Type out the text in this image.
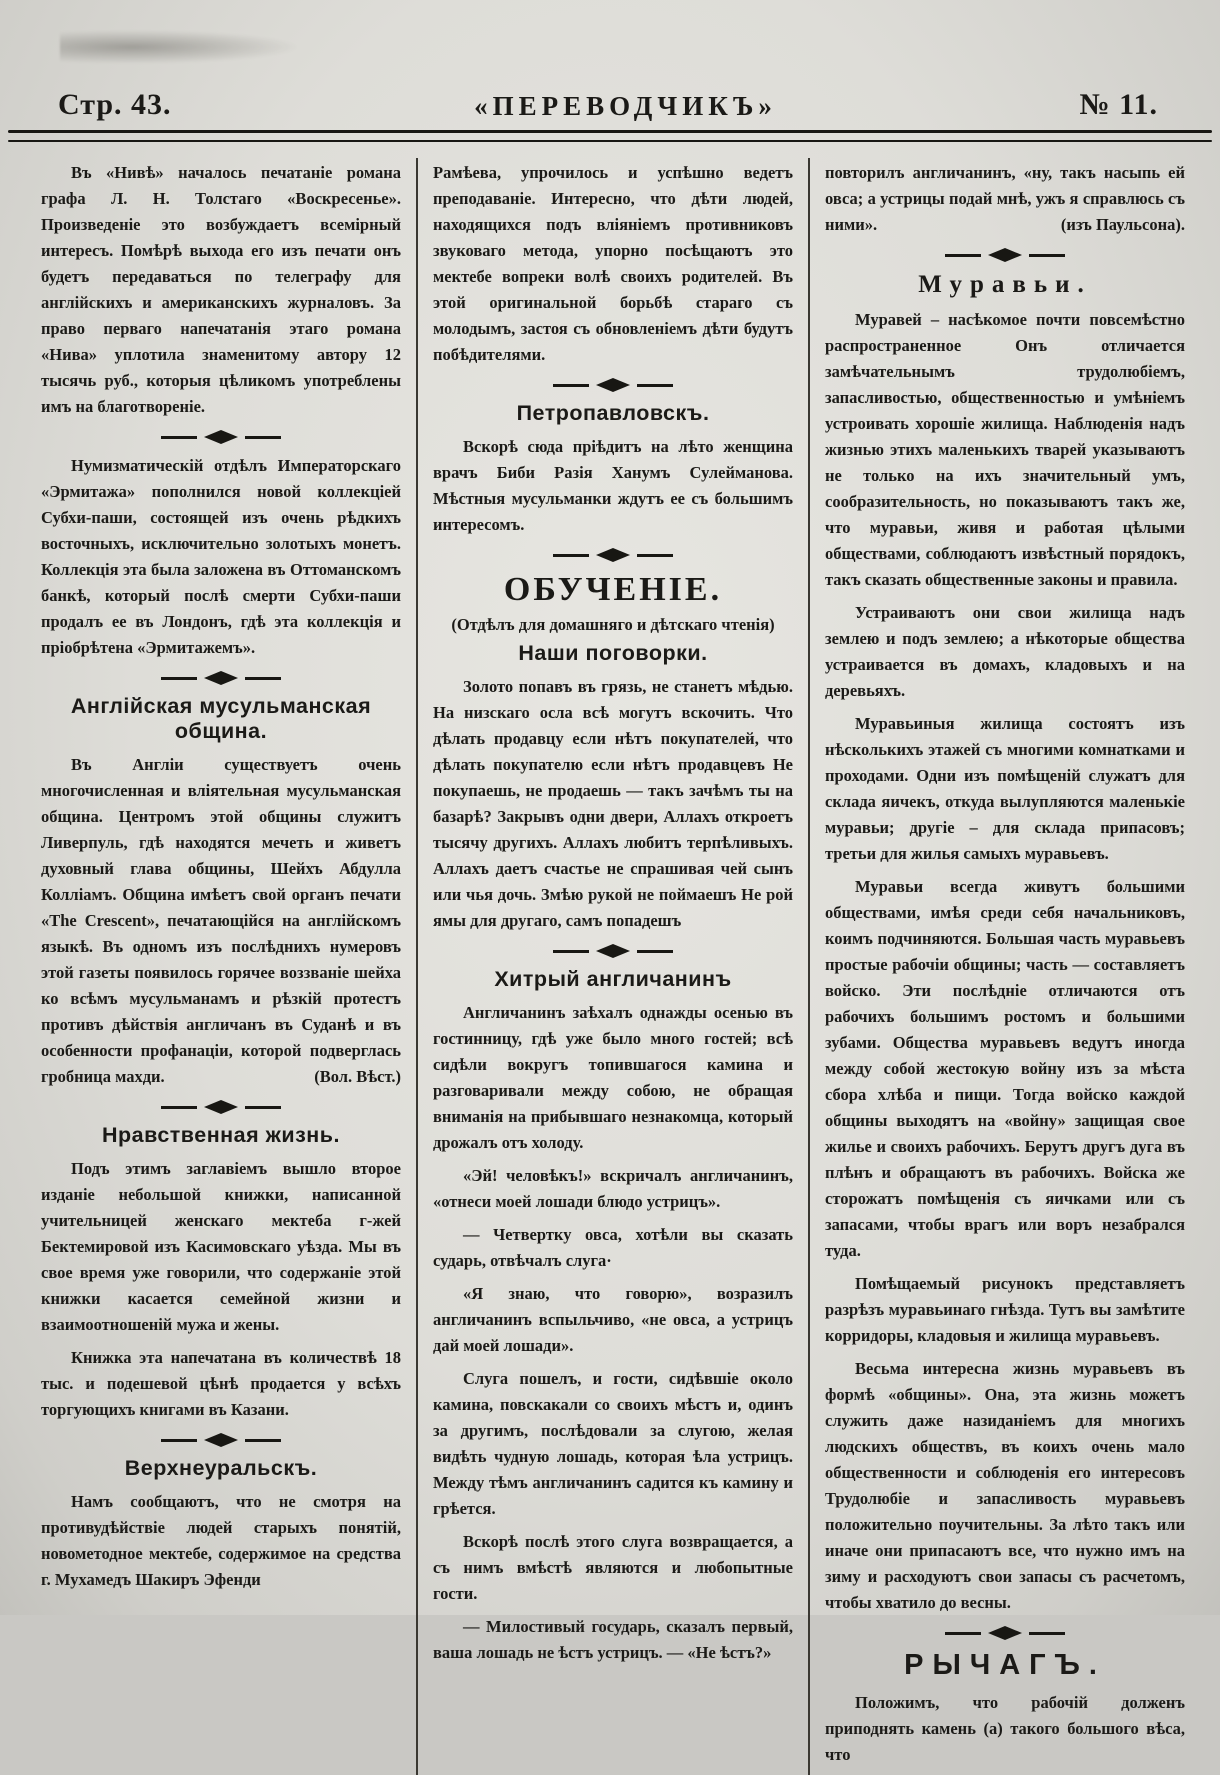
Стр. 43.	«ПЕРЕВОДЧИКЪ»	№ 11.

Въ «Нивѣ» началось печатаніе романа графа Л. Н. Толстаго «Воскресенье». Произведеніе это возбуждаетъ всемірный интересъ. Помѣрѣ выхода его изъ печати онъ будетъ передаваться по телеграфу для англійскихъ и американскихъ журналовъ. За право перваго напечатанія этаго романа «Нива» уплотила знаменитому автору 12 тысячь руб., которыя цѣликомъ употреблены имъ на благотвореніе.

Нумизматическій отдѣлъ Императорскаго «Эрмитажа» пополнился новой коллекціей Субхи-паши, состоящей изъ очень рѣдкихъ восточныхъ, исключительно золотыхъ монетъ. Коллекція эта была заложена въ Оттоманскомъ банкѣ, который послѣ смерти Субхи-паши продалъ ее въ Лондонъ, гдѣ эта коллекція и пріобрѣтена «Эрмитажемъ».

Англійская мусульманская община.

Въ Англіи существуетъ очень многочисленная и вліятельная мусульманская община. Центромъ этой общины служитъ Ливерпуль, гдѣ находятся мечеть и живетъ духовный глава общины, Шейхъ Абдулла Колліамъ. Община имѣетъ свой органъ печати «The Crescent», печатающійся на англійскомъ языкѣ. Въ одномъ изъ послѣднихъ нумеровъ этой газеты появилось горячее воззваніе шейха ко всѣмъ мусульманамъ и рѣзкій протестъ противъ дѣйствія англичанъ въ Суданѣ и въ особенности профанаціи, которой подверглась гробница махди.	(Вол. Вѣст.)

Нравственная жизнь.

Подъ этимъ заглавіемъ вышло второе изданіе небольшой книжки, написанной учительницей женскаго мектеба г-жей Бектемировой изъ Касимовскаго уѣзда. Мы въ свое время уже говорили, что содержаніе этой книжки касается семейной жизни и взаимоотношеній мужа и жены.

Книжка эта напечатана въ количествѣ 18 тыс. и подешевой цѣнѣ продается у всѣхъ торгующихъ книгами въ Казани.

Верхнеуральскъ.

Намъ сообщаютъ, что не смотря на противудѣйствіе людей старыхъ понятій, новометодное мектебе, содержимое на средства г. Мухамедъ Шакиръ Эфенди

Рамѣева, упрочилось и успѣшно ведетъ преподаваніе. Интересно, что дѣти людей, находящихся подъ вліяніемъ противниковъ звуковаго метода, упорно посѣщаютъ это мектебе вопреки волѣ своихъ родителей. Въ этой оригинальной борьбѣ стараго съ молодымъ, застоя съ обновленіемъ дѣти будутъ побѣдителями.

Петропавловскъ.

Вскорѣ сюда пріѣдитъ на лѣто женщина врачъ Биби Разія Ханумъ Сулейманова. Мѣстныя мусульманки ждутъ ее съ большимъ интересомъ.

ОБУЧЕНІЕ.
(Отдѣлъ для домашняго и дѣтскаго чтенія)
Наши поговорки.

Золото попавъ въ грязь, не станетъ мѣдью. На низскаго осла всѣ могутъ вскочить. Что дѣлать продавцу если нѣтъ покупателей, что дѣлать покупателю если нѣтъ продавцевъ Не покупаешь, не продаешь — такъ зачѣмъ ты на базарѣ? Закрывъ одни двери, Аллахъ откроетъ тысячу другихъ. Аллахъ любитъ терпѣливыхъ. Аллахъ даетъ счастье не спрашивая чей сынъ или чья дочь. Змѣю рукой не поймаешъ Не рой ямы для другаго, самъ попадешъ

Хитрый англичанинъ

Англичанинъ заѣхалъ однажды осенью въ гостинницу, гдѣ уже было много гостей; всѣ сидѣли вокругъ топившагося камина и разговаривали между собою, не обращая вниманія на прибывшаго незнакомца, который дрожалъ отъ холоду.

«Эй! человѣкъ!» вскричалъ англичанинъ, «отнеси моей лошади блюдо устрицъ».

— Четвертку овса, хотѣли вы сказать сударь, отвѣчалъ слуга·

«Я знаю, что говорю», возразилъ англичанинъ вспыльчиво, «не овса, а устрицъ дай моей лошади».

Слуга пошелъ, и гости, сидѣвшіе около камина, повскакали со своихъ мѣстъ и, одинъ за другимъ, послѣдовали за слугою, желая видѣть чудную лошадь, которая ѣла устрицъ. Между тѣмъ англичанинъ садится къ камину и грѣется.

Вскорѣ послѣ этого слуга возвращается, а съ нимъ вмѣстѣ являются и любопытные гости.

— Милостивый государь, сказалъ первый, ваша лошадь не ѣстъ устрицъ. — «Не ѣстъ?»

повторилъ англичанинъ, «ну, такъ насыпь ей овса; а устрицы подай мнѣ, ужъ я справлюсь съ ними».	(изъ Паульсона).

Муравьи.

Муравей – насѣкомое почти повсемѣстно распространенное Онъ отличается замѣчательнымъ трудолюбіемъ, запасливостью, общественностью и умѣніемъ устроивать хорошіе жилища. Наблюденія надъ жизнью этихъ маленькихъ тварей указываютъ не только на ихъ значительный умъ, сообразительность, но показываютъ такъ же, что муравьи, живя и работая цѣлыми обществами, соблюдаютъ извѣстный порядокъ, такъ сказать общественные законы и правила.

Устраиваютъ они свои жилища надъ землею и подъ землею; а нѣкоторые общества устраивается въ домахъ, кладовыхъ и на деревьяхъ.

Муравьиныя жилища состоятъ изъ нѣсколькихъ этажей съ многими комнатками и проходами. Одни изъ помѣщеній служатъ для склада яичекъ, откуда вылупляются маленькіе муравьи; другіе – для склада припасовъ; третьи для жилья самыхъ муравьевъ.

Муравьи всегда живутъ большими обществами, имѣя среди себя начальниковъ, коимъ подчиняются. Большая часть муравьевъ простые рабочіи общины; часть — составляетъ войско. Эти послѣдніе отличаются отъ рабочихъ большимъ ростомъ и большими зубами. Общества муравьевъ ведутъ иногда между собой жестокую войну изъ за мѣста сбора хлѣба и пищи. Тогда войско каждой общины выходятъ на «войну» защищая свое жилье и своихъ рабочихъ. Берутъ другъ дуга въ плѣнъ и обращаютъ въ рабочихъ. Войска же сторожатъ помѣщенія съ яичками или съ запасами, чтобы врагъ или воръ незабрался туда.

Помѣщаемый рисунокъ представляетъ разрѣзъ муравьинаго гнѣзда. Тутъ вы замѣтите корридоры, кладовыя и жилища муравьевъ.

Весьма интересна жизнь муравьевъ въ формѣ «общины». Она, эта жизнь можетъ служить даже назиданіемъ для многихъ людскихъ обществъ, въ коихъ очень мало общественности и соблюденія его интересовъ Трудолюбіе и запасливость муравьевъ положительно поучительны. За лѣто такъ или иначе они припасаютъ все, что нужно имъ на зиму и расходуютъ свои запасы съ расчетомъ, чтобы хватило до весны.

РЫЧАГЪ.

Положимъ, что рабочій долженъ приподнять камень (а) такого большого вѣса, что
